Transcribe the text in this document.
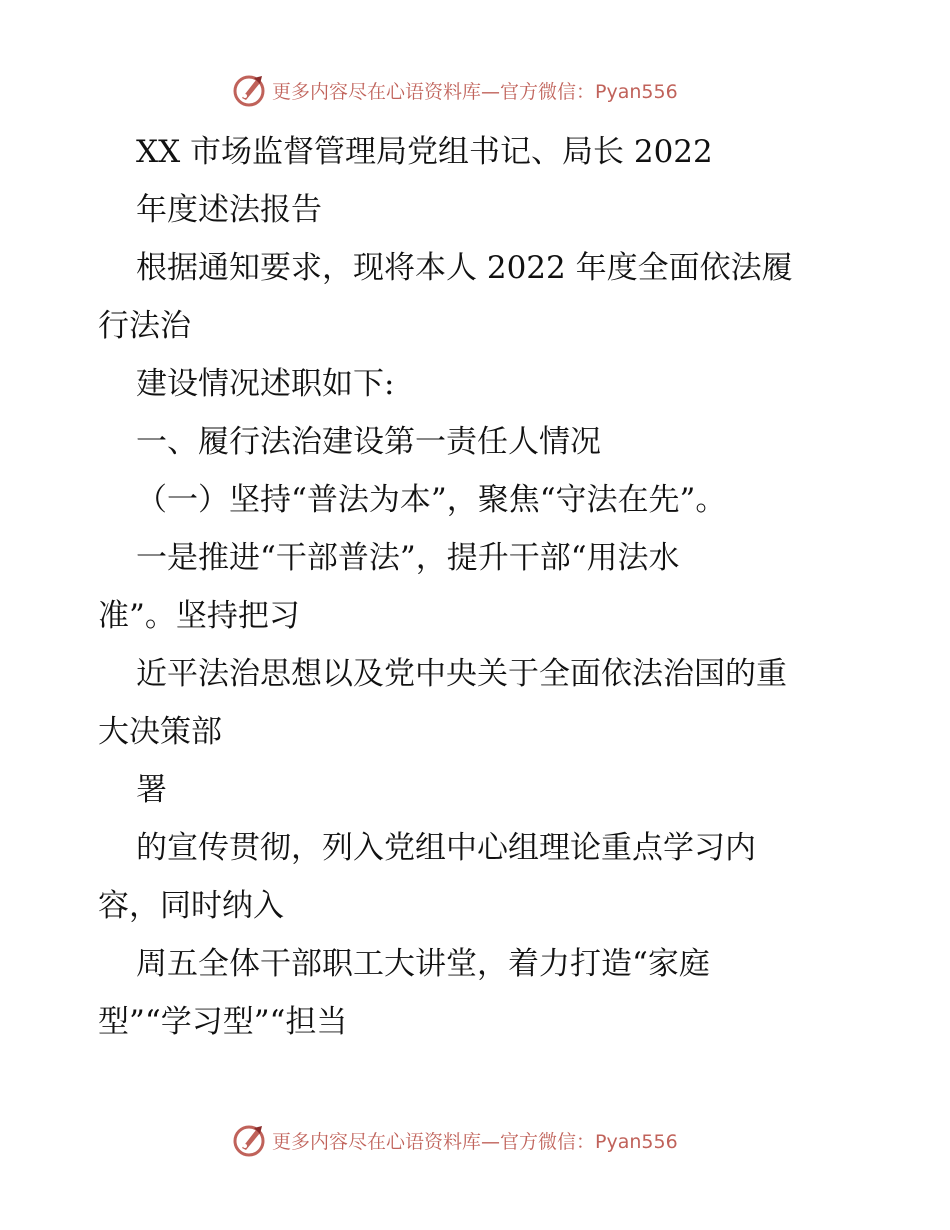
更多内容尽在心语资料库—官方微信：Pyan556
XX 市场监督管理局党组书记、局长 2022
年度述法报告
根据通知要求，现将本人 2022 年度全面依法履
行法治
建设情况述职如下:
一、履行法治建设第一责任人情况
（一）坚持“普法为本”，聚焦“守法在先”。
一是推进“干部普法”，提升干部“用法水
准”。坚持把习
近平法治思想以及党中央关于全面依法治国的重
大决策部
署
的宣传贯彻，列入党组中心组理论重点学习内
容，同时纳入
周五全体干部职工大讲堂，着力打造“家庭
型”“学习型”“担当
更多内容尽在心语资料库—官方微信：Pyan556
